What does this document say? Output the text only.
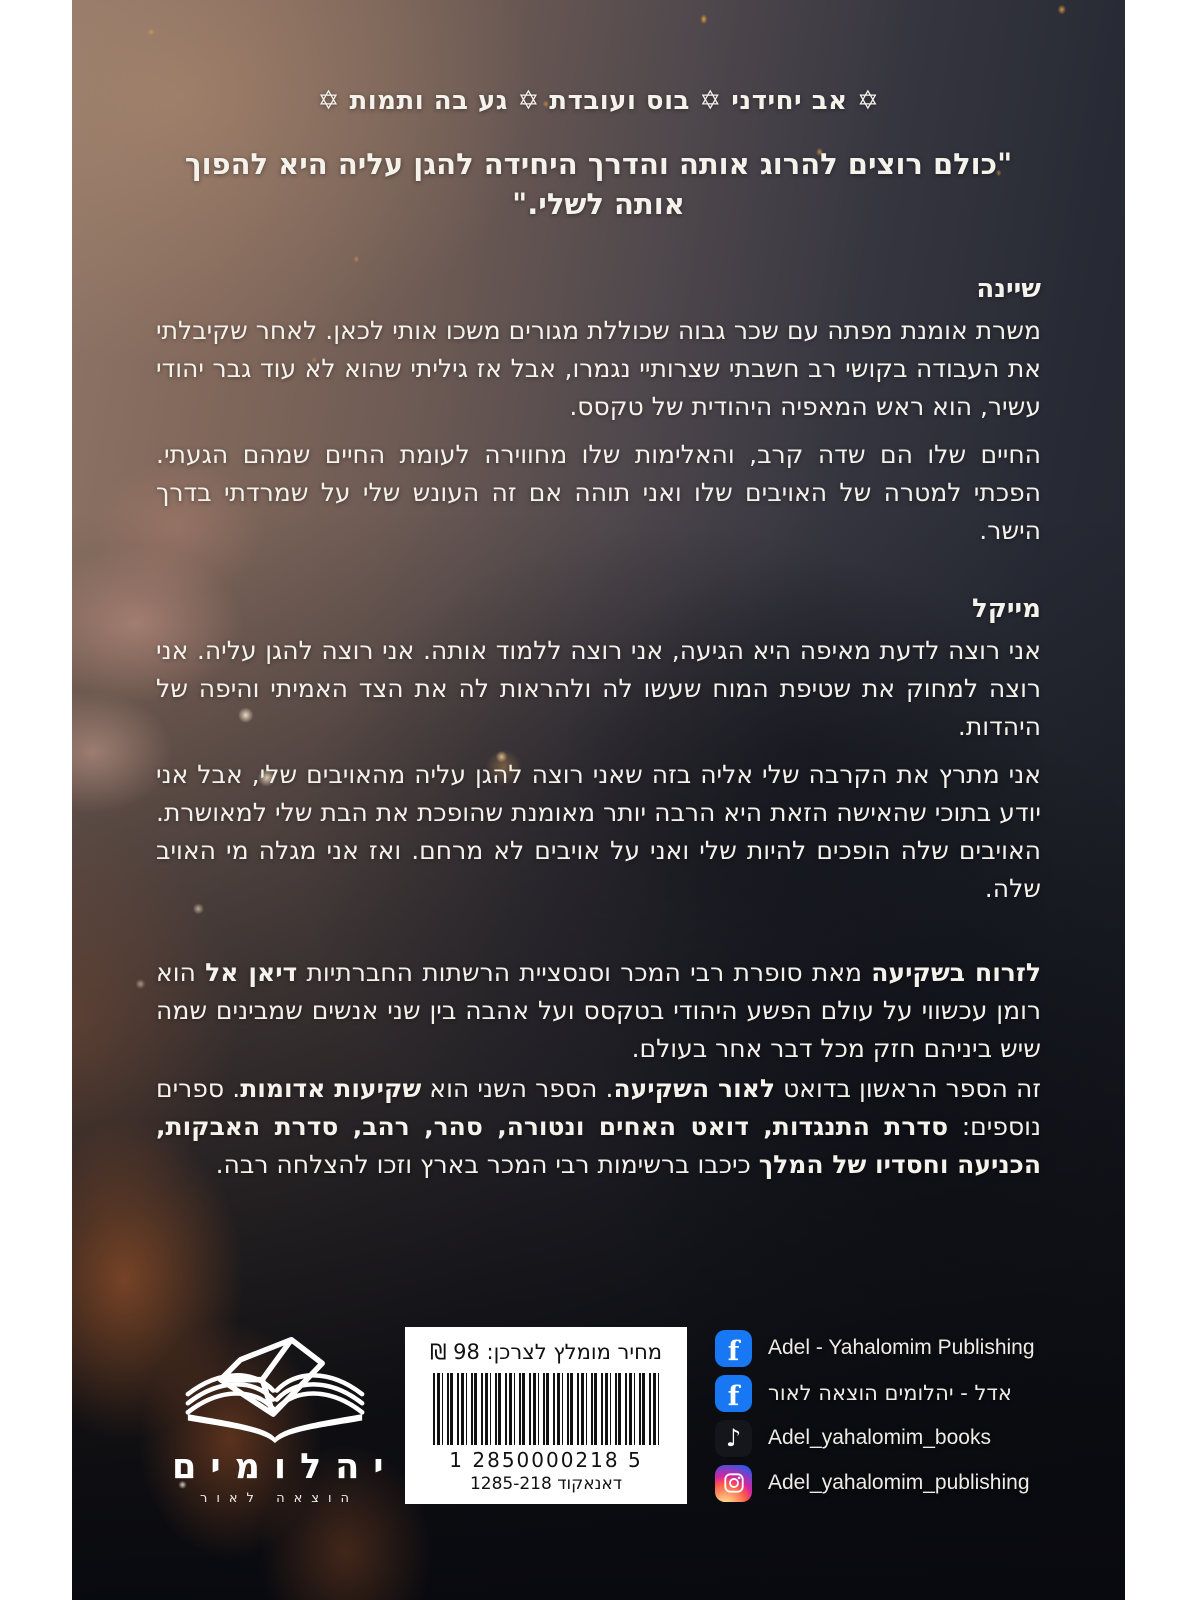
✡ אב יחידני ✡ בוס ועובדת ✡ גע בה ותמות ✡
"כולם רוצים להרוג אותה והדרך היחידה להגן עליה היא להפוך אותה לשלי."
שיינה

משרת אומנת מפתה עם שכר גבוה שכוללת מגורים משכו אותי לכאן. לאחר שקיבלתי את העבודה בקושי רב חשבתי שצרותיי נגמרו, אבל אז גיליתי שהוא לא עוד גבר יהודי עשיר, הוא ראש המאפיה היהודית של טקסס.

החיים שלו הם שדה קרב, והאלימות שלו מחווירה לעומת החיים שמהם הגעתי. הפכתי למטרה של האויבים שלו ואני תוהה אם זה העונש שלי על שמרדתי בדרך הישר.

מייקל

אני רוצה לדעת מאיפה היא הגיעה, אני רוצה ללמוד אותה. אני רוצה להגן עליה. אני רוצה למחוק את שטיפת המוח שעשו לה ולהראות לה את הצד האמיתי והיפה של היהדות.

אני מתרץ את הקרבה שלי אליה בזה שאני רוצה להגן עליה מהאויבים שלי, אבל אני יודע בתוכי שהאישה הזאת היא הרבה יותר מאומנת שהופכת את הבת שלי למאושרת. האויבים שלה הופכים להיות שלי ואני על אויבים לא מרחם. ואז אני מגלה מי האויב שלה.

לזרוח בשקיעה מאת סופרת רבי המכר וסנסציית הרשתות החברתיות דיאן אל הוא רומן עכשווי על עולם הפשע היהודי בטקסס ועל אהבה בין שני אנשים שמבינים שמה שיש ביניהם חזק מכל דבר אחר בעולם.

זה הספר הראשון בדואט לאור השקיעה. הספר השני הוא שקיעות אדומות. ספרים נוספים: סדרת התנגדות, דואט האחים ונטורה, סהר, רהב, סדרת האבקות, הכניעה וחסדיו של המלך כיכבו ברשימות רבי המכר בארץ וזכו להצלחה רבה.

יהלומים
הוצאה לאור
מחיר מומלץ לצרכן: 98 ₪
1 2850000218 5
דאנאקוד 1285-218
f	Adel - Yahalomim Publishing
f	אדל - יהלומים הוצאה לאור
♪	Adel_yahalomim_books
Adel_yahalomim_publishing
